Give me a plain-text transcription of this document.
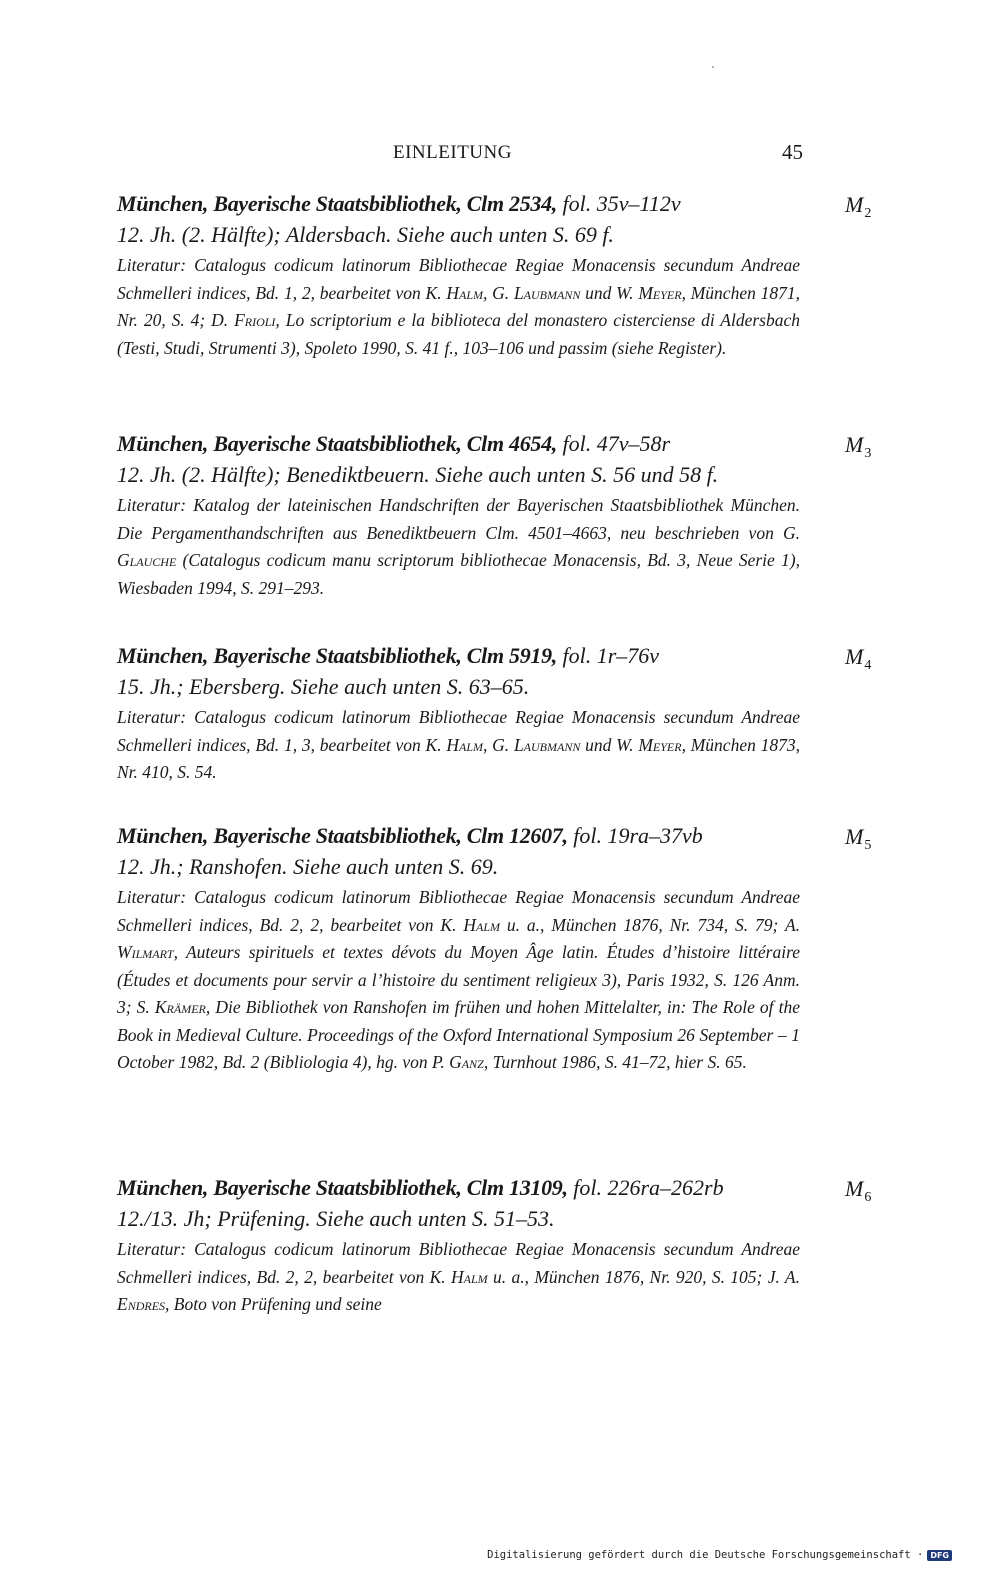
EINLEITUNG	45
München, Bayerische Staatsbibliothek, Clm 2534, fol. 35v–112v
12. Jh. (2. Hälfte); Aldersbach. Siehe auch unten S. 69 f.
Literatur: Catalogus codicum latinorum Bibliothecae Regiae Monacensis secundum Andreae Schmelleri indices, Bd. 1, 2, bearbeitet von K. Halm, G. Laubmann und W. Meyer, München 1871, Nr. 20, S. 4; D. Frioli, Lo scriptorium e la biblioteca del monastero cisterciense di Aldersbach (Testi, Studi, Strumenti 3), Spoleto 1990, S. 41 f., 103–106 und passim (siehe Register).
$M_2$
München, Bayerische Staatsbibliothek, Clm 4654, fol. 47v–58r
12. Jh. (2. Hälfte); Benediktbeuern. Siehe auch unten S. 56 und 58 f.
Literatur: Katalog der lateinischen Handschriften der Bayerischen Staatsbibliothek München. Die Pergamenthandschriften aus Benediktbeuern Clm. 4501–4663, neu beschrieben von G. Glauche (Catalogus codicum manu scriptorum bibliothecae Monacensis, Bd. 3, Neue Serie 1), Wiesbaden 1994, S. 291–293.
$M_3$
München, Bayerische Staatsbibliothek, Clm 5919, fol. 1r–76v
15. Jh.; Ebersberg. Siehe auch unten S. 63–65.
Literatur: Catalogus codicum latinorum Bibliothecae Regiae Monacensis secundum Andreae Schmelleri indices, Bd. 1, 3, bearbeitet von K. Halm, G. Laubmann und W. Meyer, München 1873, Nr. 410, S. 54.
$M_4$
München, Bayerische Staatsbibliothek, Clm 12607, fol. 19ra–37vb
12. Jh.; Ranshofen. Siehe auch unten S. 69.
Literatur: Catalogus codicum latinorum Bibliothecae Regiae Monacensis secundum Andreae Schmelleri indices, Bd. 2, 2, bearbeitet von K. Halm u. a., München 1876, Nr. 734, S. 79; A. Wilmart, Auteurs spirituels et textes dévots du Moyen Âge latin. Études d’histoire littéraire (Études et documents pour servir a l’histoire du sentiment religieux 3), Paris 1932, S. 126 Anm. 3; S. Krämer, Die Bibliothek von Ranshofen im frühen und hohen Mittelalter, in: The Role of the Book in Medieval Culture. Proceedings of the Oxford International Symposium 26 September – 1 October 1982, Bd. 2 (Bibliologia 4), hg. von P. Ganz, Turnhout 1986, S. 41–72, hier S. 65.
$M_5$
München, Bayerische Staatsbibliothek, Clm 13109, fol. 226ra–262rb
12./13. Jh; Prüfening. Siehe auch unten S. 51–53.
Literatur: Catalogus codicum latinorum Bibliothecae Regiae Monacensis secundum Andreae Schmelleri indices, Bd. 2, 2, bearbeitet von K. Halm u. a., München 1876, Nr. 920, S. 105; J. A. Endres, Boto von Prüfening und seine
$M_6$
Digitalisierung gefördert durch die Deutsche Forschungsgemeinschaft · DFG
